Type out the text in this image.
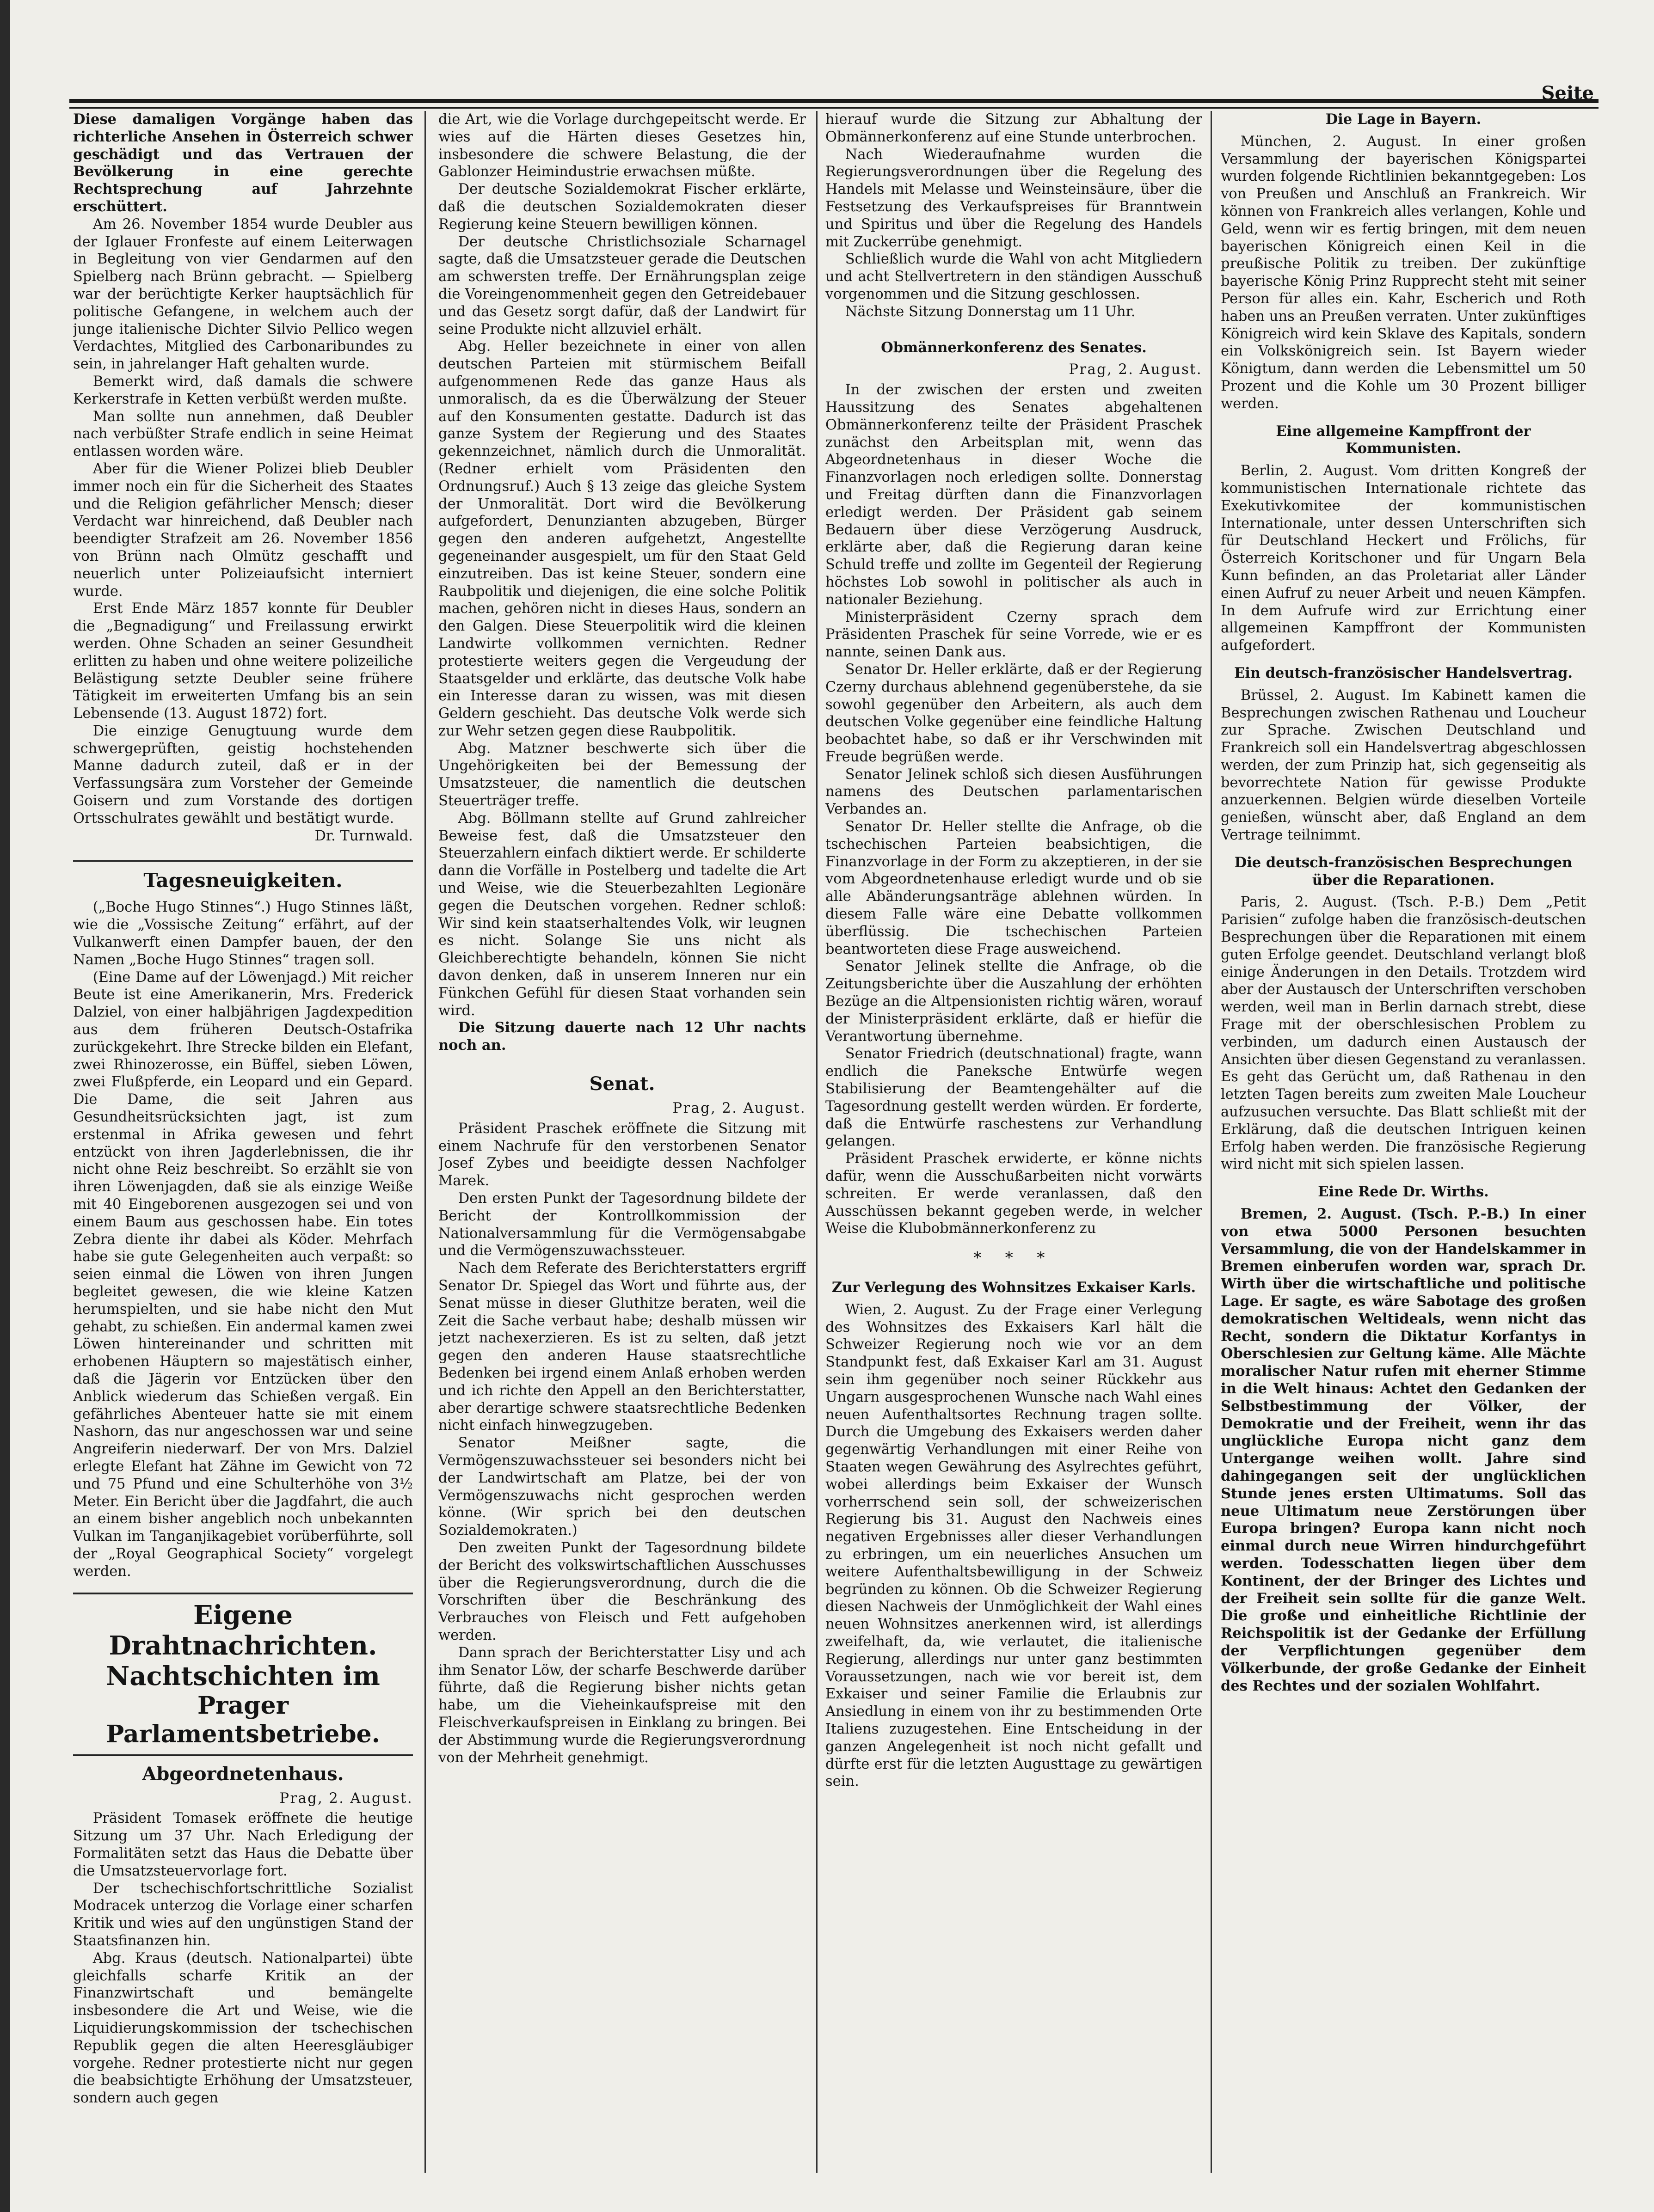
Seite

Diese damaligen Vorgänge haben das richterliche Ansehen in Österreich schwer geschädigt und das Vertrauen der Bevölkerung in eine gerechte Rechtsprechung auf Jahrzehnte erschüttert.

Am 26. November 1854 wurde Deubler aus der Iglauer Fronfeste auf einem Leiterwagen in Begleitung von vier Gendarmen auf den Spielberg nach Brünn gebracht. — Spielberg war der berüchtigte Kerker hauptsächlich für politische Gefangene, in welchem auch der junge italienische Dichter Silvio Pellico wegen Verdachtes, Mitglied des Carbonaribundes zu sein, in jahrelanger Haft gehalten wurde.

Bemerkt wird, daß damals die schwere Kerkerstrafe in Ketten verbüßt werden mußte.

Man sollte nun annehmen, daß Deubler nach verbüßter Strafe endlich in seine Heimat entlassen worden wäre.

Aber für die Wiener Polizei blieb Deubler immer noch ein für die Sicherheit des Staates und die Religion gefährlicher Mensch; dieser Verdacht war hinreichend, daß Deubler nach beendigter Strafzeit am 26. November 1856 von Brünn nach Olmütz geschafft und neuerlich unter Polizeiaufsicht interniert wurde.

Erst Ende März 1857 konnte für Deubler die „Begnadigung“ und Freilassung erwirkt werden. Ohne Schaden an seiner Gesundheit erlitten zu haben und ohne weitere polizeiliche Belästigung setzte Deubler seine frühere Tätigkeit im erweiterten Umfang bis an sein Lebensende (13. August 1872) fort.

Die einzige Genugtuung wurde dem schwergeprüften, geistig hochstehenden Manne dadurch zuteil, daß er in der Verfassungsära zum Vorsteher der Gemeinde Goisern und zum Vorstande des dortigen Ortsschulrates gewählt und bestätigt wurde.

Dr. Turnwald.

Tagesneuigkeiten.

(„Boche Hugo Stinnes“.) Hugo Stinnes läßt, wie die „Vossische Zeitung“ erfährt, auf der Vulkanwerft einen Dampfer bauen, der den Namen „Boche Hugo Stinnes“ tragen soll.

(Eine Dame auf der Löwenjagd.) Mit reicher Beute ist eine Amerikanerin, Mrs. Frederick Dalziel, von einer halbjährigen Jagdexpedition aus dem früheren Deutsch-Ostafrika zurückgekehrt. Ihre Strecke bilden ein Elefant, zwei Rhinozerosse, ein Büffel, sieben Löwen, zwei Flußpferde, ein Leopard und ein Gepard. Die Dame, die seit Jahren aus Gesundheitsrücksichten jagt, ist zum erstenmal in Afrika gewesen und fehrt entzückt von ihren Jagderlebnissen, die ihr nicht ohne Reiz beschreibt. So erzählt sie von ihren Löwenjagden, daß sie als einzige Weiße mit 40 Eingeborenen ausgezogen sei und von einem Baum aus geschossen habe. Ein totes Zebra diente ihr dabei als Köder. Mehrfach habe sie gute Gelegenheiten auch verpaßt: so seien einmal die Löwen von ihren Jungen begleitet gewesen, die wie kleine Katzen herumspielten, und sie habe nicht den Mut gehabt, zu schießen. Ein andermal kamen zwei Löwen hintereinander und schritten mit erhobenen Häuptern so majestätisch einher, daß die Jägerin vor Entzücken über den Anblick wiederum das Schießen vergaß. Ein gefährliches Abenteuer hatte sie mit einem Nashorn, das nur angeschossen war und seine Angreiferin niederwarf. Der von Mrs. Dalziel erlegte Elefant hat Zähne im Gewicht von 72 und 75 Pfund und eine Schulterhöhe von 3½ Meter. Ein Bericht über die Jagdfahrt, die auch an einem bisher angeblich noch unbekannten Vulkan im Tanganjikagebiet vorüberführte, soll der „Royal Geographical Society“ vorgelegt werden.

Eigene Drahtnachrichten.
Nachtschichten im
Prager Parlamentsbetriebe.
Abgeordnetenhaus.

Prag, 2. August.

Präsident Tomasek eröffnete die heutige Sitzung um 37 Uhr. Nach Erledigung der Formalitäten setzt das Haus die Debatte über die Umsatzsteuervorlage fort.

Der tschechischfortschrittliche Sozialist Modracek unterzog die Vorlage einer scharfen Kritik und wies auf den ungünstigen Stand der Staatsfinanzen hin.

Abg. Kraus (deutsch. Nationalpartei) übte gleichfalls scharfe Kritik an der Finanzwirtschaft und bemängelte insbesondere die Art und Weise, wie die Liquidierungskommission der tschechischen Republik gegen die alten Heeresgläubiger vorgehe. Redner protestierte nicht nur gegen die beabsichtigte Erhöhung der Umsatzsteuer, sondern auch gegen

die Art, wie die Vorlage durchgepeitscht werde. Er wies auf die Härten dieses Gesetzes hin, insbesondere die schwere Belastung, die der Gablonzer Heimindustrie erwachsen müßte.

Der deutsche Sozialdemokrat Fischer erklärte, daß die deutschen Sozialdemokraten dieser Regierung keine Steuern bewilligen können.

Der deutsche Christlichsoziale Scharnagel sagte, daß die Umsatzsteuer gerade die Deutschen am schwersten treffe. Der Ernährungsplan zeige die Voreingenommenheit gegen den Getreidebauer und das Gesetz sorgt dafür, daß der Landwirt für seine Produkte nicht allzuviel erhält.

Abg. Heller bezeichnete in einer von allen deutschen Parteien mit stürmischem Beifall aufgenommenen Rede das ganze Haus als unmoralisch, da es die Überwälzung der Steuer auf den Konsumenten gestatte. Dadurch ist das ganze System der Regierung und des Staates gekennzeichnet, nämlich durch die Unmoralität. (Redner erhielt vom Präsidenten den Ordnungsruf.) Auch § 13 zeige das gleiche System der Unmoralität. Dort wird die Bevölkerung aufgefordert, Denunzianten abzugeben, Bürger gegen den anderen aufgehetzt, Angestellte gegeneinander ausgespielt, um für den Staat Geld einzutreiben. Das ist keine Steuer, sondern eine Raubpolitik und diejenigen, die eine solche Politik machen, gehören nicht in dieses Haus, sondern an den Galgen. Diese Steuerpolitik wird die kleinen Landwirte vollkommen vernichten. Redner protestierte weiters gegen die Vergeudung der Staatsgelder und erklärte, das deutsche Volk habe ein Interesse daran zu wissen, was mit diesen Geldern geschieht. Das deutsche Volk werde sich zur Wehr setzen gegen diese Raubpolitik.

Abg. Matzner beschwerte sich über die Ungehörigkeiten bei der Bemessung der Umsatzsteuer, die namentlich die deutschen Steuerträger treffe.

Abg. Böllmann stellte auf Grund zahlreicher Beweise fest, daß die Umsatzsteuer den Steuerzahlern einfach diktiert werde. Er schilderte dann die Vorfälle in Postelberg und tadelte die Art und Weise, wie die Steuerbezahlten Legionäre gegen die Deutschen vorgehen. Redner schloß: Wir sind kein staatserhaltendes Volk, wir leugnen es nicht. Solange Sie uns nicht als Gleichberechtigte behandeln, können Sie nicht davon denken, daß in unserem Inneren nur ein Fünkchen Gefühl für diesen Staat vorhanden sein wird.

Die Sitzung dauerte nach 12 Uhr nachts noch an.

Senat.

Prag, 2. August.

Präsident Praschek eröffnete die Sitzung mit einem Nachrufe für den verstorbenen Senator Josef Zybes und beeidigte dessen Nachfolger Marek.

Den ersten Punkt der Tagesordnung bildete der Bericht der Kontrollkommission der Nationalversammlung für die Vermögensabgabe und die Vermögenszuwachssteuer.

Nach dem Referate des Berichterstatters ergriff Senator Dr. Spiegel das Wort und führte aus, der Senat müsse in dieser Gluthitze beraten, weil die Zeit die Sache verbaut habe; deshalb müssen wir jetzt nachexerzieren. Es ist zu selten, daß jetzt gegen den anderen Hause staatsrechtliche Bedenken bei irgend einem Anlaß erhoben werden und ich richte den Appell an den Berichterstatter, aber derartige schwere staatsrechtliche Bedenken nicht einfach hinwegzugeben.

Senator Meißner sagte, die Vermögenszuwachssteuer sei besonders nicht bei der Landwirtschaft am Platze, bei der von Vermögenszuwachs nicht gesprochen werden könne. (Wir sprich bei den deutschen Sozialdemokraten.)

Den zweiten Punkt der Tagesordnung bildete der Bericht des volkswirtschaftlichen Ausschusses über die Regierungsverordnung, durch die die Vorschriften über die Beschränkung des Verbrauches von Fleisch und Fett aufgehoben werden.

Dann sprach der Berichterstatter Lisy und ach ihm Senator Löw, der scharfe Beschwerde darüber führte, daß die Regierung bisher nichts getan habe, um die Vieheinkaufspreise mit den Fleischverkaufspreisen in Einklang zu bringen. Bei der Abstimmung wurde die Regierungsverordnung von der Mehrheit genehmigt.

hierauf wurde die Sitzung zur Abhaltung der Obmännerkonferenz auf eine Stunde unterbrochen.

Nach Wiederaufnahme wurden die Regierungsverordnungen über die Regelung des Handels mit Melasse und Weinsteinsäure, über die Festsetzung des Verkaufspreises für Branntwein und Spiritus und über die Regelung des Handels mit Zuckerrübe genehmigt.

Schließlich wurde die Wahl von acht Mitgliedern und acht Stellvertretern in den ständigen Ausschuß vorgenommen und die Sitzung geschlossen.

Nächste Sitzung Donnerstag um 11 Uhr.

Obmännerkonferenz des Senates.

Prag, 2. August.

In der zwischen der ersten und zweiten Haussitzung des Senates abgehaltenen Obmännerkonferenz teilte der Präsident Praschek zunächst den Arbeitsplan mit, wenn das Abgeordnetenhaus in dieser Woche die Finanzvorlagen noch erledigen sollte. Donnerstag und Freitag dürften dann die Finanzvorlagen erledigt werden. Der Präsident gab seinem Bedauern über diese Verzögerung Ausdruck, erklärte aber, daß die Regierung daran keine Schuld treffe und zollte im Gegenteil der Regierung höchstes Lob sowohl in politischer als auch in nationaler Beziehung.

Ministerpräsident Czerny sprach dem Präsidenten Praschek für seine Vorrede, wie er es nannte, seinen Dank aus.

Senator Dr. Heller erklärte, daß er der Regierung Czerny durchaus ablehnend gegenüberstehe, da sie sowohl gegenüber den Arbeitern, als auch dem deutschen Volke gegenüber eine feindliche Haltung beobachtet habe, so daß er ihr Verschwinden mit Freude begrüßen werde.

Senator Jelinek schloß sich diesen Ausführungen namens des Deutschen parlamentarischen Verbandes an.

Senator Dr. Heller stellte die Anfrage, ob die tschechischen Parteien beabsichtigen, die Finanzvorlage in der Form zu akzeptieren, in der sie vom Abgeordnetenhause erledigt wurde und ob sie alle Abänderungsanträge ablehnen würden. In diesem Falle wäre eine Debatte vollkommen überflüssig. Die tschechischen Parteien beantworteten diese Frage ausweichend.

Senator Jelinek stellte die Anfrage, ob die Zeitungsberichte über die Auszahlung der erhöhten Bezüge an die Altpensionisten richtig wären, worauf der Ministerpräsident erklärte, daß er hiefür die Verantwortung übernehme.

Senator Friedrich (deutschnational) fragte, wann endlich die Paneksche Entwürfe wegen Stabilisierung der Beamtengehälter auf die Tagesordnung gestellt werden würden. Er forderte, daß die Entwürfe raschestens zur Verhandlung gelangen.

Präsident Praschek erwiderte, er könne nichts dafür, wenn die Ausschußarbeiten nicht vorwärts schreiten. Er werde veranlassen, daß den Ausschüssen bekannt gegeben werde, in welcher Weise die Klubobmännerkonferenz zu

* * *
Zur Verlegung des Wohnsitzes Exkaiser Karls.

Wien, 2. August. Zu der Frage einer Verlegung des Wohnsitzes des Exkaisers Karl hält die Schweizer Regierung noch wie vor an dem Standpunkt fest, daß Exkaiser Karl am 31. August sein ihm gegenüber noch seiner Rückkehr aus Ungarn ausgesprochenen Wunsche nach Wahl eines neuen Aufenthaltsortes Rechnung tragen sollte. Durch die Umgebung des Exkaisers werden daher gegenwärtig Verhandlungen mit einer Reihe von Staaten wegen Gewährung des Asylrechtes geführt, wobei allerdings beim Exkaiser der Wunsch vorherrschend sein soll, der schweizerischen Regierung bis 31. August den Nachweis eines negativen Ergebnisses aller dieser Verhandlungen zu erbringen, um ein neuerliches Ansuchen um weitere Aufenthaltsbewilligung in der Schweiz begründen zu können. Ob die Schweizer Regierung diesen Nachweis der Unmöglichkeit der Wahl eines neuen Wohnsitzes anerkennen wird, ist allerdings zweifelhaft, da, wie verlautet, die italienische Regierung, allerdings nur unter ganz bestimmten Voraussetzungen, nach wie vor bereit ist, dem Exkaiser und seiner Familie die Erlaubnis zur Ansiedlung in einem von ihr zu bestimmenden Orte Italiens zuzugestehen. Eine Entscheidung in der ganzen Angelegenheit ist noch nicht gefallt und dürfte erst für die letzten Augusttage zu gewärtigen sein.

Die Lage in Bayern.

München, 2. August. In einer großen Versammlung der bayerischen Königspartei wurden folgende Richtlinien bekanntgegeben: Los von Preußen und Anschluß an Frankreich. Wir können von Frankreich alles verlangen, Kohle und Geld, wenn wir es fertig bringen, mit dem neuen bayerischen Königreich einen Keil in die preußische Politik zu treiben. Der zukünftige bayerische König Prinz Rupprecht steht mit seiner Person für alles ein. Kahr, Escherich und Roth haben uns an Preußen verraten. Unter zukünftiges Königreich wird kein Sklave des Kapitals, sondern ein Volkskönigreich sein. Ist Bayern wieder Königtum, dann werden die Lebensmittel um 50 Prozent und die Kohle um 30 Prozent billiger werden.

Eine allgemeine Kampffront der Kommunisten.

Berlin, 2. August. Vom dritten Kongreß der kommunistischen Internationale richtete das Exekutivkomitee der kommunistischen Internationale, unter dessen Unterschriften sich für Deutschland Heckert und Frölichs, für Österreich Koritschoner und für Ungarn Bela Kunn befinden, an das Proletariat aller Länder einen Aufruf zu neuer Arbeit und neuen Kämpfen. In dem Aufrufe wird zur Errichtung einer allgemeinen Kampffront der Kommunisten aufgefordert.

Ein deutsch-französischer Handelsvertrag.

Brüssel, 2. August. Im Kabinett kamen die Besprechungen zwischen Rathenau und Loucheur zur Sprache. Zwischen Deutschland und Frankreich soll ein Handelsvertrag abgeschlossen werden, der zum Prinzip hat, sich gegenseitig als bevorrechtete Nation für gewisse Produkte anzuerkennen. Belgien würde dieselben Vorteile genießen, wünscht aber, daß England an dem Vertrage teilnimmt.

Die deutsch-französischen Besprechungen über die Reparationen.

Paris, 2. August. (Tsch. P.-B.) Dem „Petit Parisien“ zufolge haben die französisch-deutschen Besprechungen über die Reparationen mit einem guten Erfolge geendet. Deutschland verlangt bloß einige Änderungen in den Details. Trotzdem wird aber der Austausch der Unterschriften verschoben werden, weil man in Berlin darnach strebt, diese Frage mit der oberschlesischen Problem zu verbinden, um dadurch einen Austausch der Ansichten über diesen Gegenstand zu veranlassen. Es geht das Gerücht um, daß Rathenau in den letzten Tagen bereits zum zweiten Male Loucheur aufzusuchen versuchte. Das Blatt schließt mit der Erklärung, daß die deutschen Intriguen keinen Erfolg haben werden. Die französische Regierung wird nicht mit sich spielen lassen.

Eine Rede Dr. Wirths.

Bremen, 2. August. (Tsch. P.-B.) In einer von etwa 5000 Personen besuchten Versammlung, die von der Handelskammer in Bremen einberufen worden war, sprach Dr. Wirth über die wirtschaftliche und politische Lage. Er sagte, es wäre Sabotage des großen demokratischen Weltideals, wenn nicht das Recht, sondern die Diktatur Korfantys in Oberschlesien zur Geltung käme. Alle Mächte moralischer Natur rufen mit eherner Stimme in die Welt hinaus: Achtet den Gedanken der Selbstbestimmung der Völker, der Demokratie und der Freiheit, wenn ihr das unglückliche Europa nicht ganz dem Untergange weihen wollt. Jahre sind dahingegangen seit der unglücklichen Stunde jenes ersten Ultimatums. Soll das neue Ultimatum neue Zerstörungen über Europa bringen? Europa kann nicht noch einmal durch neue Wirren hindurchgeführt werden. Todesschatten liegen über dem Kontinent, der der Bringer des Lichtes und der Freiheit sein sollte für die ganze Welt. Die große und einheitliche Richtlinie der Reichspolitik ist der Gedanke der Erfüllung der Verpflichtungen gegenüber dem Völkerbunde, der große Gedanke der Einheit des Rechtes und der sozialen Wohlfahrt.
